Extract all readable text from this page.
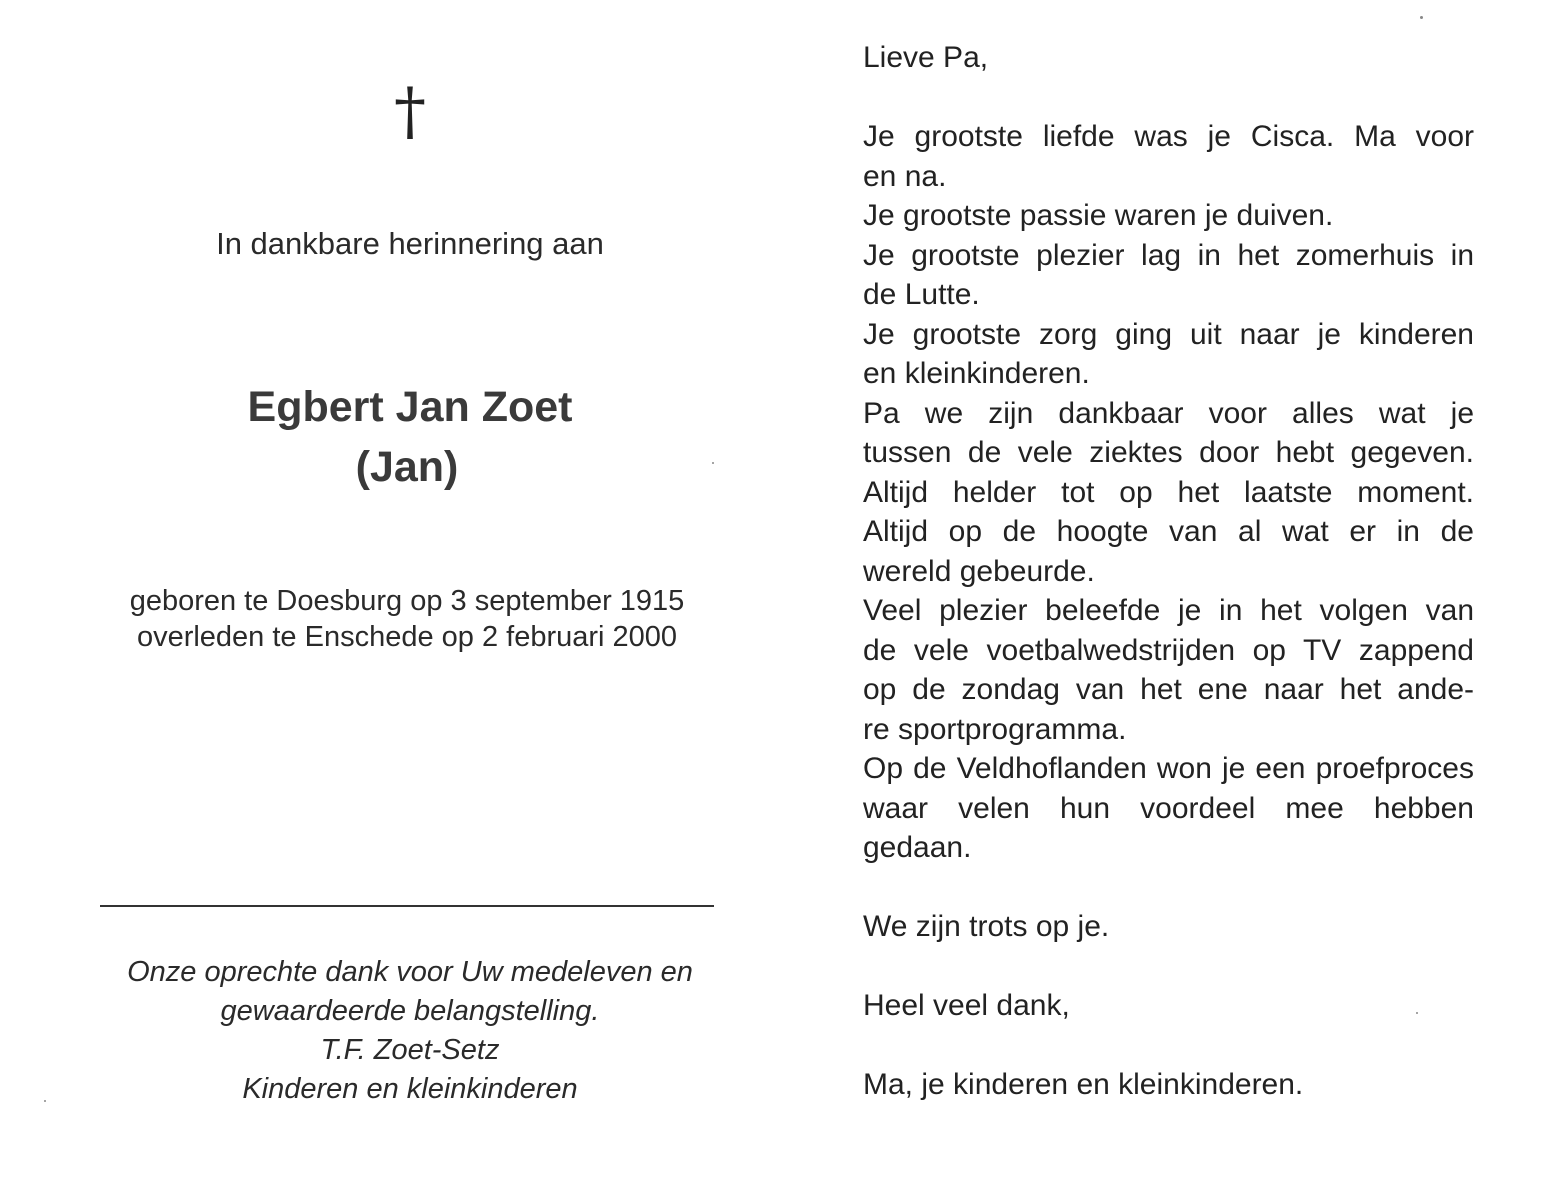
†
In dankbare herinnering aan
Egbert Jan Zoet
(Jan)
geboren te Doesburg op 3 september 1915
overleden te Enschede op 2 februari 2000
Onze oprechte dank voor Uw medeleven en
gewaardeerde belangstelling.
T.F. Zoet-Setz
Kinderen en kleinkinderen
Lieve Pa,
Je grootste liefde was je Cisca. Ma voor
en na.
Je grootste passie waren je duiven.
Je grootste plezier lag in het zomerhuis in
de Lutte.
Je grootste zorg ging uit naar je kinderen
en kleinkinderen.
Pa we zijn dankbaar voor alles wat je
tussen de vele ziektes door hebt gegeven.
Altijd helder tot op het laatste moment.
Altijd op de hoogte van al wat er in de
wereld gebeurde.
Veel plezier beleefde je in het volgen van
de vele voetbalwedstrijden op TV zappend
op de zondag van het ene naar het ande-
re sportprogramma.
Op de Veldhoflanden won je een proefproces
waar velen hun voordeel mee hebben
gedaan.
We zijn trots op je.
Heel veel dank,
Ma, je kinderen en kleinkinderen.
